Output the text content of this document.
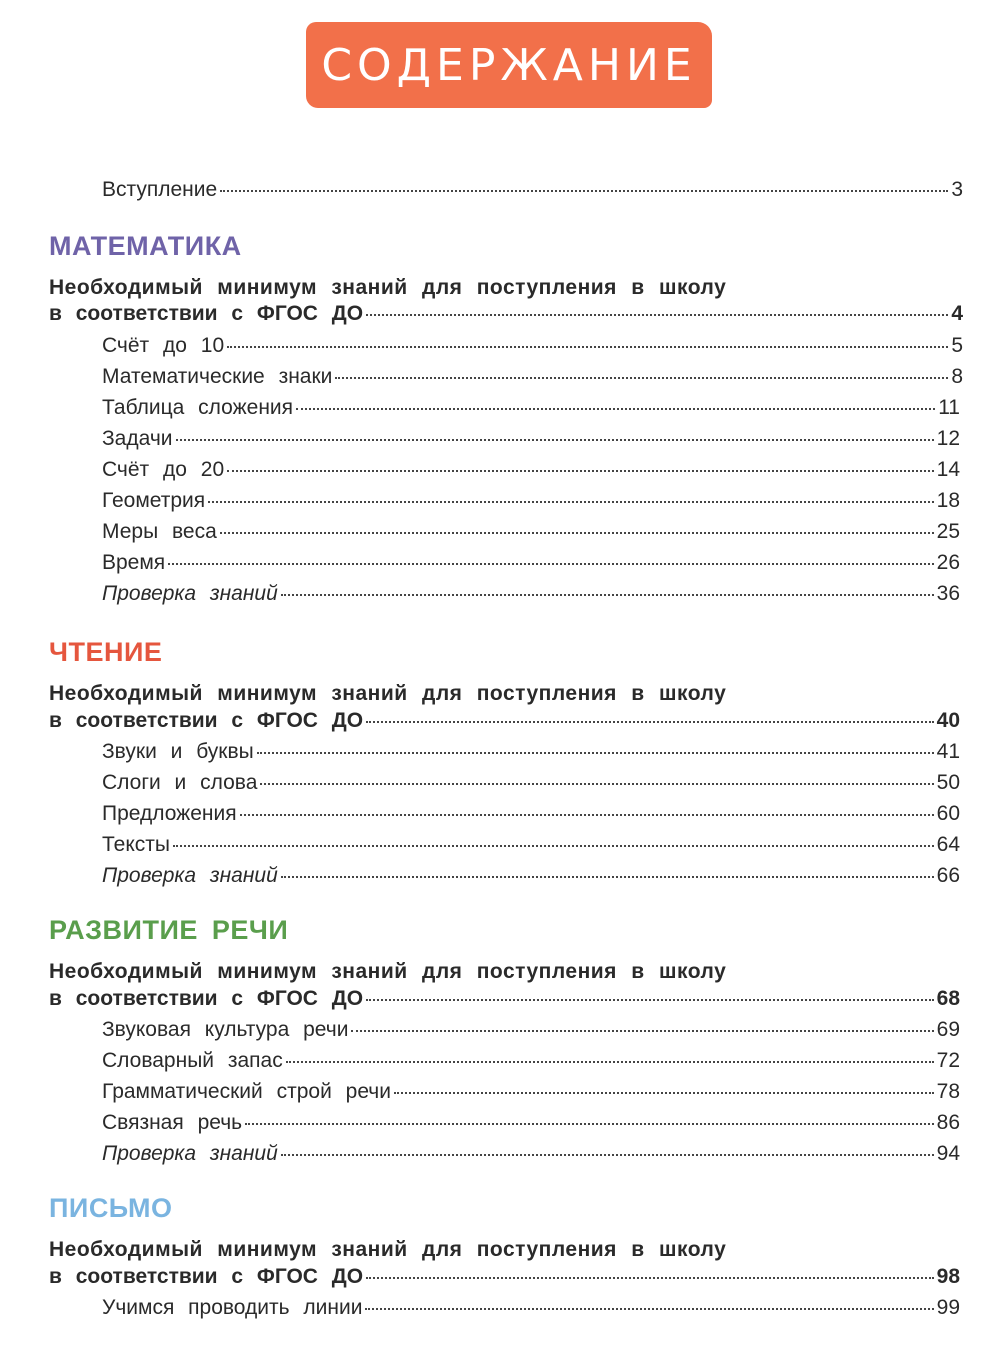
СОДЕРЖАНИЕ
Вступление	3
МАТЕМАТИКА
Необходимый минимум знаний для поступления в школу
в соответствии с ФГОС ДО	4
Счёт до 10	5
Математические знаки	8
Таблица сложения	11
Задачи	12
Счёт до 20	14
Геометрия	18
Меры веса	25
Время	26
Проверка знаний	36
ЧТЕНИЕ
Необходимый минимум знаний для поступления в школу
в соответствии с ФГОС ДО	40
Звуки и буквы	41
Слоги и слова	50
Предложения	60
Тексты	64
Проверка знаний	66
РАЗВИТИЕ РЕЧИ
Необходимый минимум знаний для поступления в школу
в соответствии с ФГОС ДО	68
Звуковая культура речи	69
Словарный запас	72
Грамматический строй речи	78
Связная речь	86
Проверка знаний	94
ПИСЬМО
Необходимый минимум знаний для поступления в школу
в соответствии с ФГОС ДО	98
Учимся проводить линии	99
